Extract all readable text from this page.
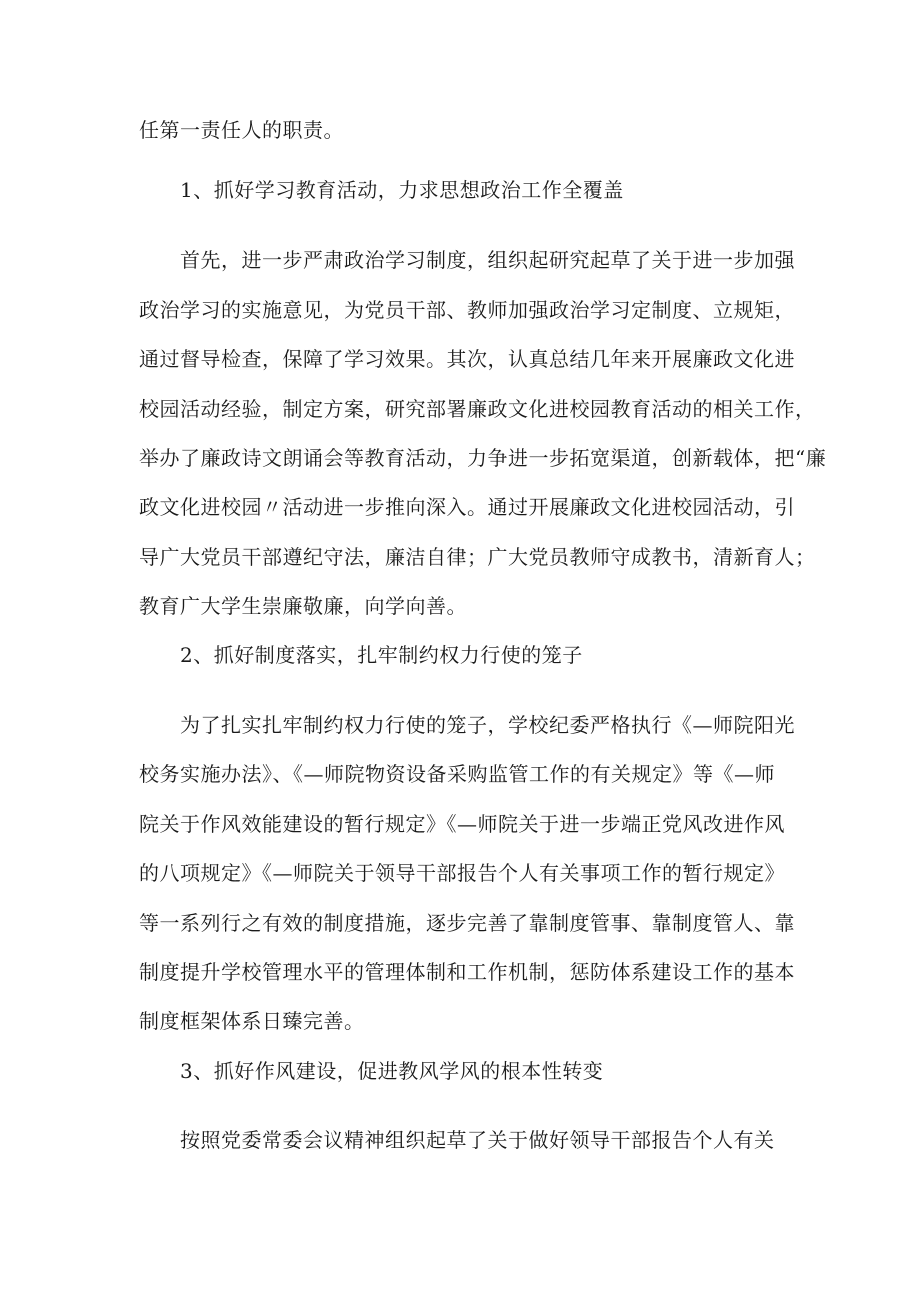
任第一责任人的职责。
1、抓好学习教育活动，力求思想政治工作全覆盖
首先，进一步严肃政治学习制度，组织起研究起草了关于进一步加强
政治学习的实施意见，为党员干部、教师加强政治学习定制度、立规矩，
通过督导检查，保障了学习效果。其次，认真总结几年来开展廉政文化进
校园活动经验，制定方案，研究部署廉政文化进校园教育活动的相关工作，
举办了廉政诗文朗诵会等教育活动，力争进一步拓宽渠道，创新载体，把“廉
政文化进校园〃活动进一步推向深入。通过开展廉政文化进校园活动，引
导广大党员干部遵纪守法，廉洁自律；广大党员教师守成教书，清新育人；
教育广大学生崇廉敬廉，向学向善。
2、抓好制度落实，扎牢制约权力行使的笼子
为了扎实扎牢制约权力行使的笼子，学校纪委严格执行《—师院阳光
校务实施办法》、《—师院物资设备采购监管工作的有关规定》等《—师
院关于作风效能建设的暂行规定》《—师院关于进一步端正党风改进作风
的八项规定》《—师院关于领导干部报告个人有关事项工作的暂行规定》
等一系列行之有效的制度措施，逐步完善了靠制度管事、靠制度管人、靠
制度提升学校管理水平的管理体制和工作机制，惩防体系建设工作的基本
制度框架体系日臻完善。
3、抓好作风建设，促进教风学风的根本性转变
按照党委常委会议精神组织起草了关于做好领导干部报告个人有关
